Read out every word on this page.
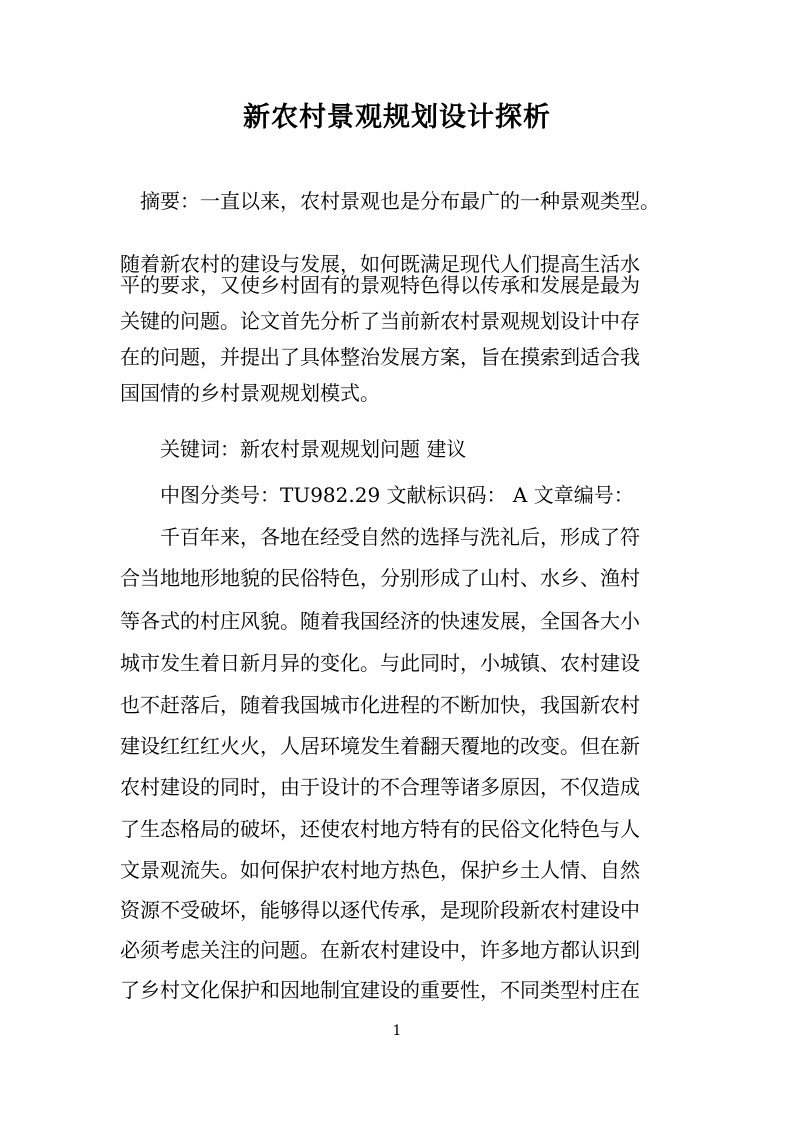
新农村景观规划设计探析
摘要：一直以来，农村景观也是分布最广的一种景观类型。
随着新农村的建设与发展，如何既满足现代人们提高生活水
平的要求，又使乡村固有的景观特色得以传承和发展是最为
关键的问题。论文首先分析了当前新农村景观规划设计中存
在的问题，并提出了具体整治发展方案，旨在摸索到适合我
国国情的乡村景观规划模式。
关键词：新农村景观规划问题 建议
中图分类号：TU982.29 文献标识码： A 文章编号：
千百年来，各地在经受自然的选择与洗礼后，形成了符
合当地地形地貌的民俗特色，分别形成了山村、水乡、渔村
等各式的村庄风貌。随着我国经济的快速发展，全国各大小
城市发生着日新月异的变化。与此同时，小城镇、农村建设
也不赶落后，随着我国城市化进程的不断加快，我国新农村
建设红红红火火，人居环境发生着翻天覆地的改变。但在新
农村建设的同时，由于设计的不合理等诸多原因，不仅造成
了生态格局的破坏，还使农村地方特有的民俗文化特色与人
文景观流失。如何保护农村地方热色，保护乡土人情、自然
资源不受破坏，能够得以逐代传承，是现阶段新农村建设中
必须考虑关注的问题。在新农村建设中，许多地方都认识到
了乡村文化保护和因地制宜建设的重要性，不同类型村庄在
1
